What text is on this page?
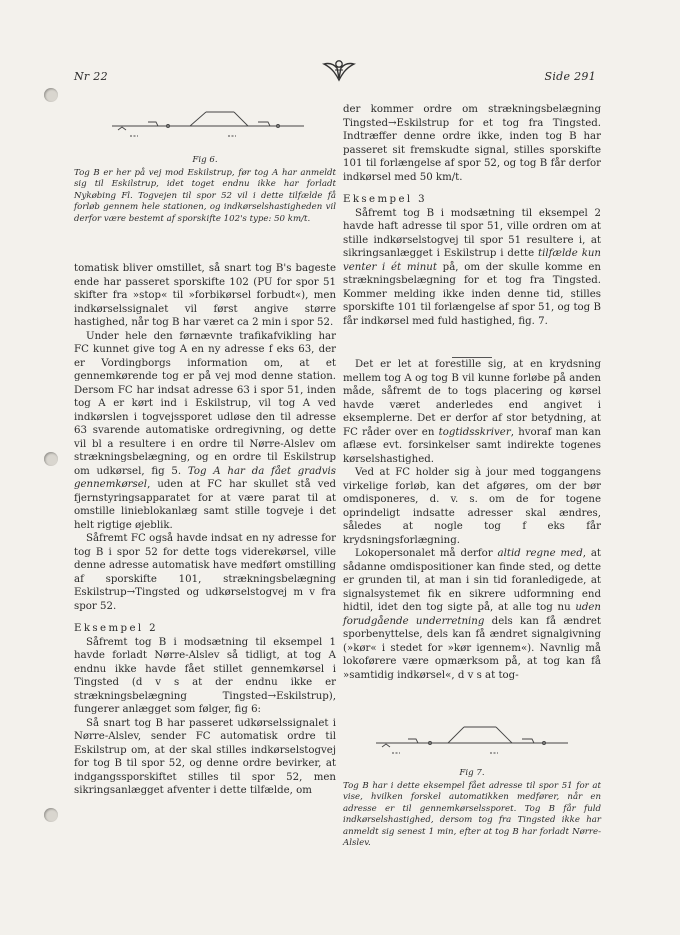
Nr 22	Side 291
Fig 6.
Tog B er her på vej mod Eskilstrup, før tog A har anmeldt sig til Eskilstrup, idet toget endnu ikke har forladt Nykøbing Fl. Togvejen til spor 52 vil i dette tilfælde få forløb gennem hele stationen, og indkørselshastigheden vil derfor være bestemt af sporskifte 102's type: 50 km/t.

tomatisk bliver omstillet, så snart tog B's bageste ende har passeret sporskifte 102 (PU for spor 51 skifter fra »stop« til »forbikørsel forbudt«), men indkørselssignalet vil først angive større hastighed, når tog B har været ca 2 min i spor 52.

Under hele den førnævnte trafikafvikling har FC kunnet give tog A en ny adresse f eks 63, der er Vordingborgs information om, at et gennemkørende tog er på vej mod denne station. Dersom FC har indsat adresse 63 i spor 51, inden tog A er kørt ind i Eskilstrup, vil tog A ved indkørslen i togvejssporet udløse den til adresse 63 svarende automatiske ordregivning, og dette vil bl a resultere i en ordre til Nørre-Alslev om strækningsbelægning, og en ordre til Eskilstrup om udkørsel, fig 5. Tog A har da fået gradvis gennemkørsel, uden at FC har skullet stå ved fjernstyringsapparatet for at være parat til at omstille linieblokanlæg samt stille togveje i det helt rigtige øjeblik.

Såfremt FC også havde indsat en ny adresse for tog B i spor 52 for dette togs viderekørsel, ville denne adresse automatisk have medført omstilling af sporskifte 101, strækningsbelægning Eskilstrup→Tingsted og udkørselstogvej m v fra spor 52.

Eksempel 2

Såfremt tog B i modsætning til eksempel 1 havde forladt Nørre-Alslev så tidligt, at tog A endnu ikke havde fået stillet gennemkørsel i Tingsted (d v s at der endnu ikke er strækningsbelægning Tingsted→Eskilstrup), fungerer anlægget som følger, fig 6:

Så snart tog B har passeret udkørselssignalet i Nørre-Alslev, sender FC automatisk ordre til Eskilstrup om, at der skal stilles indkørselstogvej for tog B til spor 52, og denne ordre bevirker, at indgangssporskiftet stilles til spor 52, men sikringsanlægget afventer i dette tilfælde, om

der kommer ordre om strækningsbelægning Tingsted→Eskilstrup for et tog fra Tingsted. Indtræffer denne ordre ikke, inden tog B har passeret sit fremskudte signal, stilles sporskifte 101 til forlængelse af spor 52, og tog B får derfor indkørsel med 50 km/t.

Eksempel 3

Såfremt tog B i modsætning til eksempel 2 havde haft adresse til spor 51, ville ordren om at stille indkørselstogvej til spor 51 resultere i, at sikringsanlægget i Eskilstrup i dette tilfælde kun venter i ét minut på, om der skulle komme en strækningsbelægning for et tog fra Tingsted. Kommer melding ikke inden denne tid, stilles sporskifte 101 til forlængelse af spor 51, og tog B får indkørsel med fuld hastighed, fig. 7.

Det er let at forestille sig, at en krydsning mellem tog A og tog B vil kunne forløbe på anden måde, såfremt de to togs placering og kørsel havde været anderledes end angivet i eksemplerne. Det er derfor af stor betydning, at FC råder over en togtidsskriver, hvoraf man kan aflæse evt. forsinkelser samt indirekte togenes kørselshastighed.

Ved at FC holder sig à jour med toggangens virkelige forløb, kan det afgøres, om der bør omdisponeres, d. v. s. om de for togene oprindeligt indsatte adresser skal ændres, således at nogle tog f eks får krydsningsforlægning.

Lokopersonalet må derfor altid regne med, at sådanne omdispositioner kan finde sted, og dette er grunden til, at man i sin tid foranledigede, at signalsystemet fik en sikrere udformning end hidtil, idet den tog sigte på, at alle tog nu uden forudgående underretning dels kan få ændret sporbenyttelse, dels kan få ændret signalgivning (»kør« i stedet for »kør igennem«). Navnlig må lokoførere være opmærksom på, at tog kan få »samtidig indkørsel«, d v s at tog-

Fig 7.
Tog B har i dette eksempel fået adresse til spor 51 for at vise, hvilken forskel automatikken medfører, når en adresse er til gennemkørselssporet. Tog B får fuld indkørselshastighed, dersom tog fra Tingsted ikke har anmeldt sig senest 1 min, efter at tog B har forladt Nørre-Alslev.
